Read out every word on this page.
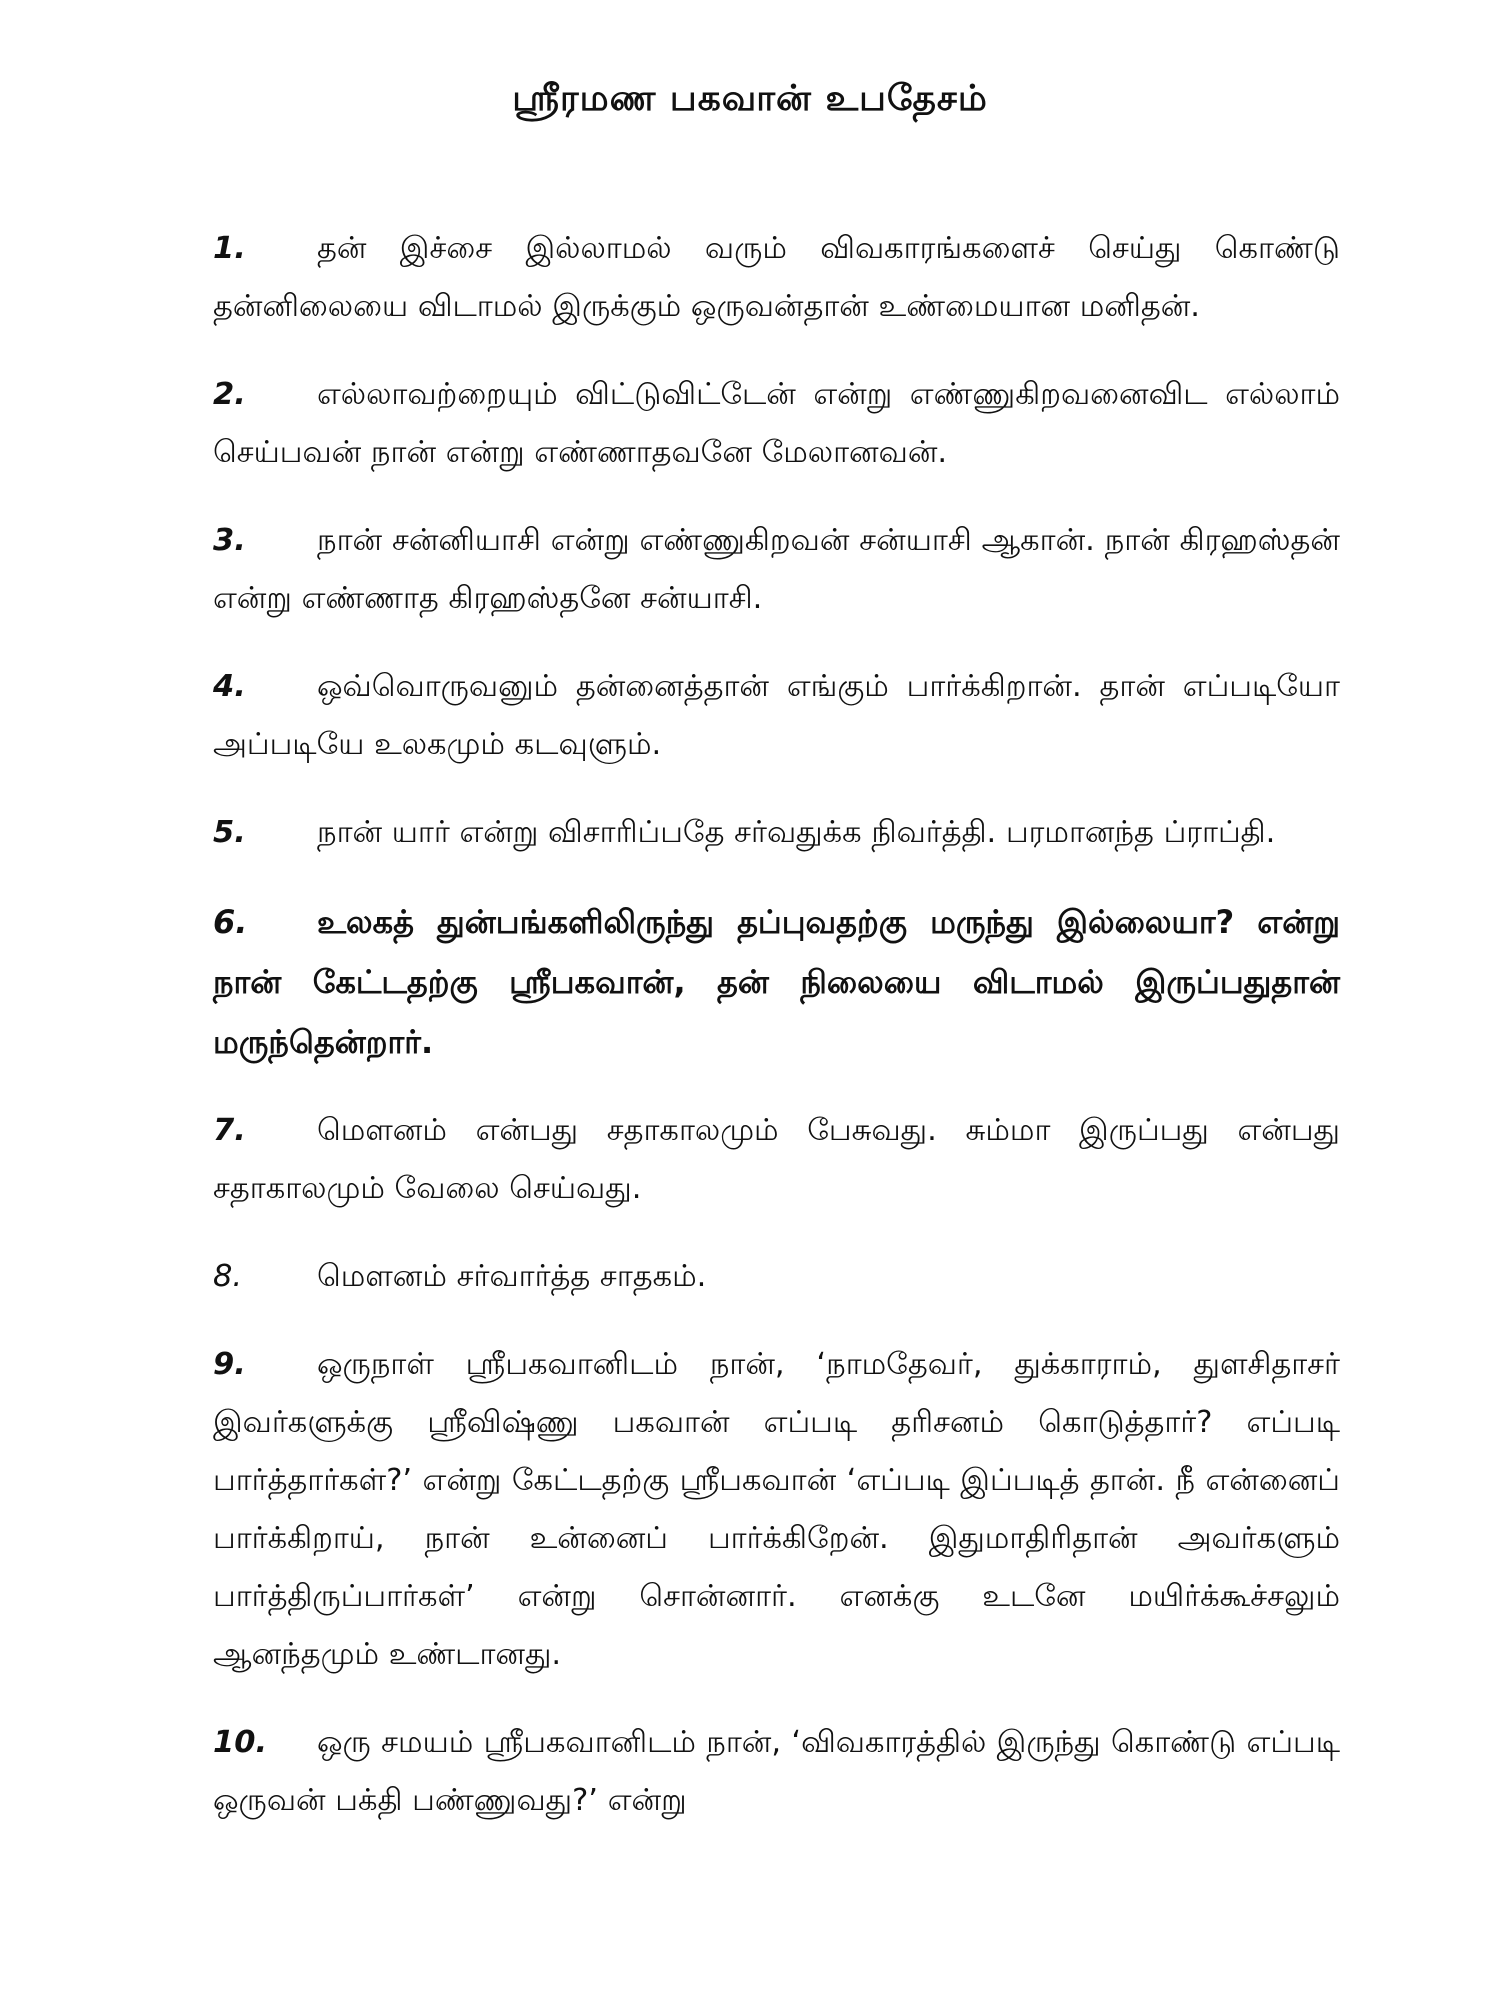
ஸ்ரீரமண பகவான் உபதேசம்

1. தன் இச்சை இல்லாமல் வரும் விவகாரங்களைச் செய்து கொண்டு தன்னிலையை விடாமல் இருக்கும் ஒருவன்தான் உண்மையான மனிதன்.

2. எல்லாவற்றையும் விட்டுவிட்டேன் என்று எண்ணுகிறவனைவிட எல்லாம் செய்பவன் நான் என்று எண்ணாதவனே மேலானவன்.

3. நான் சன்னியாசி என்று எண்ணுகிறவன் சன்யாசி ஆகான். நான் கிரஹஸ்தன் என்று எண்ணாத கிரஹஸ்தனே சன்யாசி.

4. ஒவ்வொருவனும் தன்னைத்தான் எங்கும் பார்க்கிறான். தான் எப்படியோ அப்படியே உலகமும் கடவுளும்.

5. நான் யார் என்று விசாரிப்பதே சர்வதுக்க நிவர்த்தி. பரமானந்த ப்ராப்தி.

6. உலகத் துன்பங்களிலிருந்து தப்புவதற்கு மருந்து இல்லையா? என்று நான் கேட்டதற்கு ஸ்ரீபகவான், தன் நிலையை விடாமல் இருப்பதுதான் மருந்தென்றார்.

7. மௌனம் என்பது சதாகாலமும் பேசுவது. சும்மா இருப்பது என்பது சதாகாலமும் வேலை செய்வது.

8. மௌனம் சர்வார்த்த சாதகம்.

9. ஒருநாள் ஸ்ரீபகவானிடம் நான், ‘நாமதேவர், துக்காராம், துளசிதாசர் இவர்களுக்கு ஸ்ரீவிஷ்ணு பகவான் எப்படி தரிசனம் கொடுத்தார்? எப்படி பார்த்தார்கள்?’ என்று கேட்டதற்கு ஸ்ரீபகவான் ‘எப்படி இப்படித் தான். நீ என்னைப் பார்க்கிறாய், நான் உன்னைப் பார்க்கிறேன். இதுமாதிரிதான் அவர்களும் பார்த்திருப்பார்கள்’ என்று சொன்னார். எனக்கு உடனே மயிர்க்கூச்சலும் ஆனந்தமும் உண்டானது.

10. ஒரு சமயம் ஸ்ரீபகவானிடம் நான், ‘விவகாரத்தில் இருந்து கொண்டு எப்படி ஒருவன் பக்தி பண்ணுவது?’ என்று
